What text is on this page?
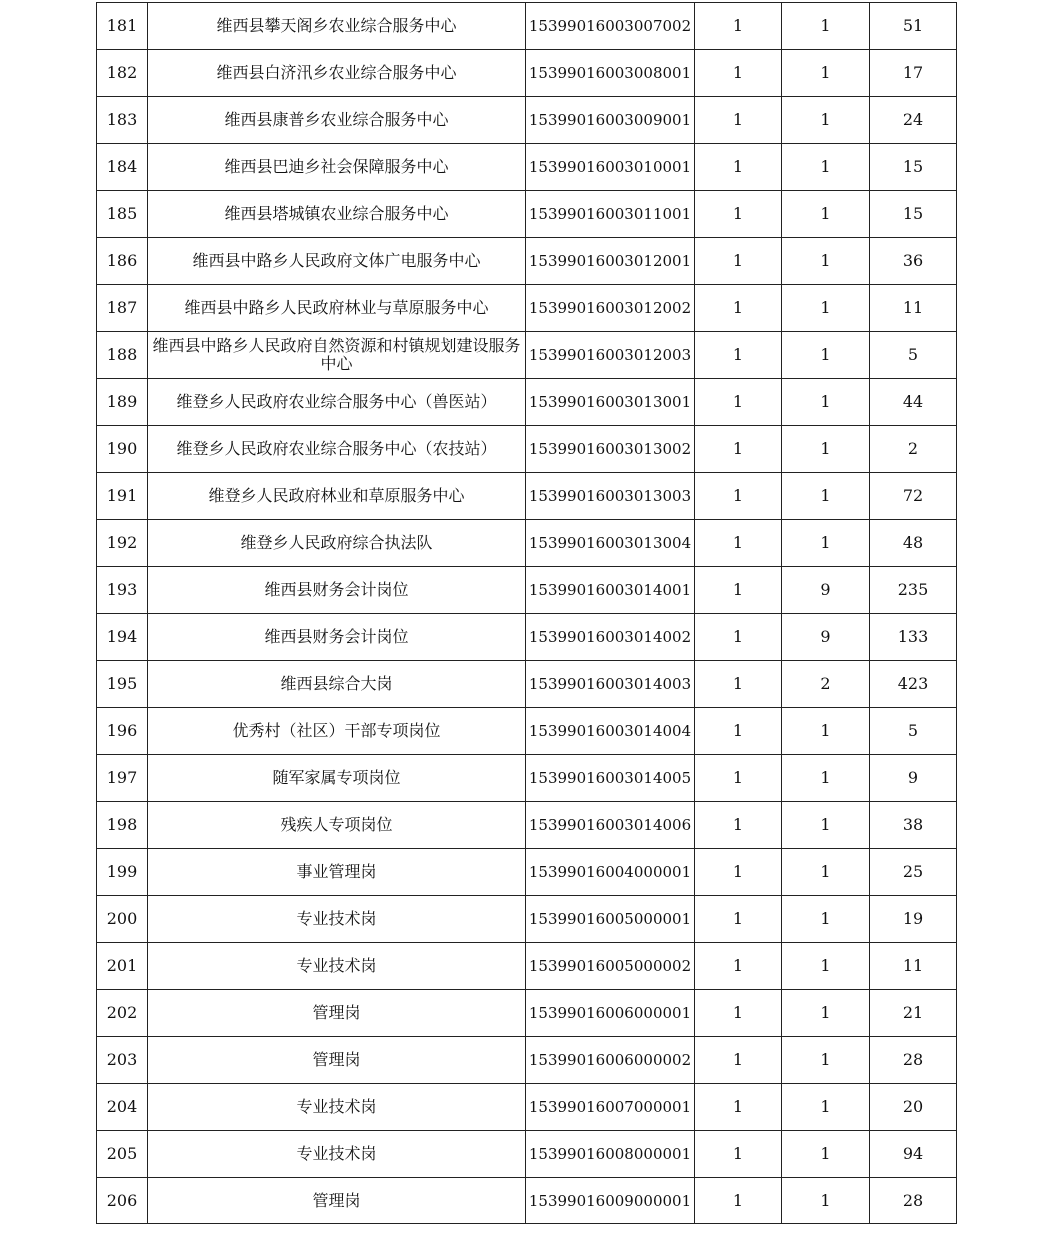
181	维西县攀天阁乡农业综合服务中心	15399016003007002	1	1	51
182	维西县白济汛乡农业综合服务中心	15399016003008001	1	1	17
183	维西县康普乡农业综合服务中心	15399016003009001	1	1	24
184	维西县巴迪乡社会保障服务中心	15399016003010001	1	1	15
185	维西县塔城镇农业综合服务中心	15399016003011001	1	1	15
186	维西县中路乡人民政府文体广电服务中心	15399016003012001	1	1	36
187	维西县中路乡人民政府林业与草原服务中心	15399016003012002	1	1	11
188	维西县中路乡人民政府自然资源和村镇规划建设服务中心	15399016003012003	1	1	5
189	维登乡人民政府农业综合服务中心（兽医站）	15399016003013001	1	1	44
190	维登乡人民政府农业综合服务中心（农技站）	15399016003013002	1	1	2
191	维登乡人民政府林业和草原服务中心	15399016003013003	1	1	72
192	维登乡人民政府综合执法队	15399016003013004	1	1	48
193	维西县财务会计岗位	15399016003014001	1	9	235
194	维西县财务会计岗位	15399016003014002	1	9	133
195	维西县综合大岗	15399016003014003	1	2	423
196	优秀村（社区）干部专项岗位	15399016003014004	1	1	5
197	随军家属专项岗位	15399016003014005	1	1	9
198	残疾人专项岗位	15399016003014006	1	1	38
199	事业管理岗	15399016004000001	1	1	25
200	专业技术岗	15399016005000001	1	1	19
201	专业技术岗	15399016005000002	1	1	11
202	管理岗	15399016006000001	1	1	21
203	管理岗	15399016006000002	1	1	28
204	专业技术岗	15399016007000001	1	1	20
205	专业技术岗	15399016008000001	1	1	94
206	管理岗	15399016009000001	1	1	28
